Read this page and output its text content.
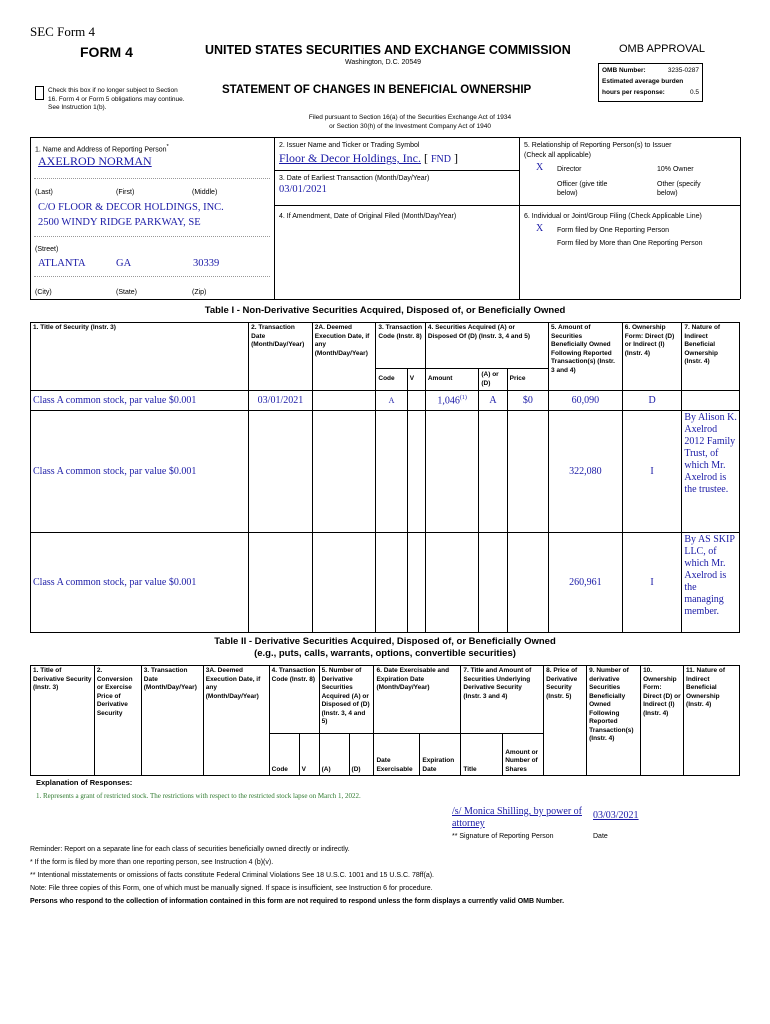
SEC Form 4
FORM 4	UNITED STATES SECURITIES AND EXCHANGE COMMISSION
Washington, D.C. 20549
OMB APPROVAL
OMB Number:	3235-0287
Estimated average burden
hours per response:	0.5
Check this box if no longer subject to Section 16. Form 4 or Form 5 obligations may continue. See Instruction 1(b).
STATEMENT OF CHANGES IN BENEFICIAL OWNERSHIP
Filed pursuant to Section 16(a) of the Securities Exchange Act of 1934
or Section 30(h) of the Investment Company Act of 1940
1. Name and Address of Reporting Person*
AXELROD NORMAN
(Last)	(First)	(Middle)
C/O FLOOR & DECOR HOLDINGS, INC.
2500 WINDY RIDGE PARKWAY, SE
(Street)
ATLANTA	GA	30339
(City)	(State)	(Zip)
2. Issuer Name and Ticker or Trading Symbol
Floor & Decor Holdings, Inc. [ FND ]
3. Date of Earliest Transaction (Month/Day/Year)
03/01/2021
4. If Amendment, Date of Original Filed (Month/Day/Year)
5. Relationship of Reporting Person(s) to Issuer
(Check all applicable)
X Director	10% Owner
Officer (give title below)
Other (specify below)
6. Individual or Joint/Group Filing (Check Applicable Line)
X Form filed by One Reporting Person
Form filed by More than One Reporting Person
Table I - Non-Derivative Securities Acquired, Disposed of, or Beneficially Owned
1. Title of Security (Instr. 3)	2. Transaction Date (Month/Day/Year)	2A. Deemed Execution Date, if any (Month/Day/Year)	3. Transaction Code (Instr. 8)		4. Securities Acquired (A) or Disposed Of (D) (Instr. 3, 4 and 5)			5. Amount of Securities Beneficially Owned Following Reported Transaction(s) (Instr. 3 and 4)	6. Ownership Form: Direct (D) or Indirect (I) (Instr. 4)	7. Nature of Indirect Beneficial Ownership (Instr. 4)
			Code	V	Amount	(A) or (D)	Price			
Class A common stock, par value $0.001	03/01/2021		A		1,046$^{(1)}$	A	$0	60,090	D	
Class A common stock, par value $0.001								322,080	I	By Alison K. Axelrod 2012 Family Trust, of which Mr. Axelrod is the trustee.
Class A common stock, par value $0.001								260,961	I	By AS SKIP LLC, of which Mr. Axelrod is the managing member.
Table II - Derivative Securities Acquired, Disposed of, or Beneficially Owned
(e.g., puts, calls, warrants, options, convertible securities)
1. Title of Derivative Security (Instr. 3)	2. Conversion or Exercise Price of Derivative Security	3. Transaction Date (Month/Day/Year)	3A. Deemed Execution Date, if any (Month/Day/Year)	4. Transaction Code (Instr. 8)		5. Number of Derivative Securities Acquired (A) or Disposed of (D) (Instr. 3, 4 and 5)		6. Date Exercisable and Expiration Date (Month/Day/Year)		7. Title and Amount of Securities Underlying Derivative Security (Instr. 3 and 4)		8. Price of Derivative Security (Instr. 5)	9. Number of derivative Securities Beneficially Owned Following Reported Transaction(s) (Instr. 4)	10. Ownership Form: Direct (D) or Indirect (I) (Instr. 4)	11. Nature of Indirect Beneficial Ownership (Instr. 4)
				Code	V	(A)	(D)	Date Exercisable	Expiration Date	Title	Amount or Number of Shares				
Explanation of Responses:
1. Represents a grant of restricted stock. The restrictions with respect to the restricted stock lapse on March 1, 2022.
/s/ Monica Shilling, by power of attorney
03/03/2021
** Signature of Reporting Person	Date
Reminder: Report on a separate line for each class of securities beneficially owned directly or indirectly.
* If the form is filed by more than one reporting person, see Instruction 4 (b)(v).
** Intentional misstatements or omissions of facts constitute Federal Criminal Violations See 18 U.S.C. 1001 and 15 U.S.C. 78ff(a).
Note: File three copies of this Form, one of which must be manually signed. If space is insufficient, see Instruction 6 for procedure.
Persons who respond to the collection of information contained in this form are not required to respond unless the form displays a currently valid OMB Number.
